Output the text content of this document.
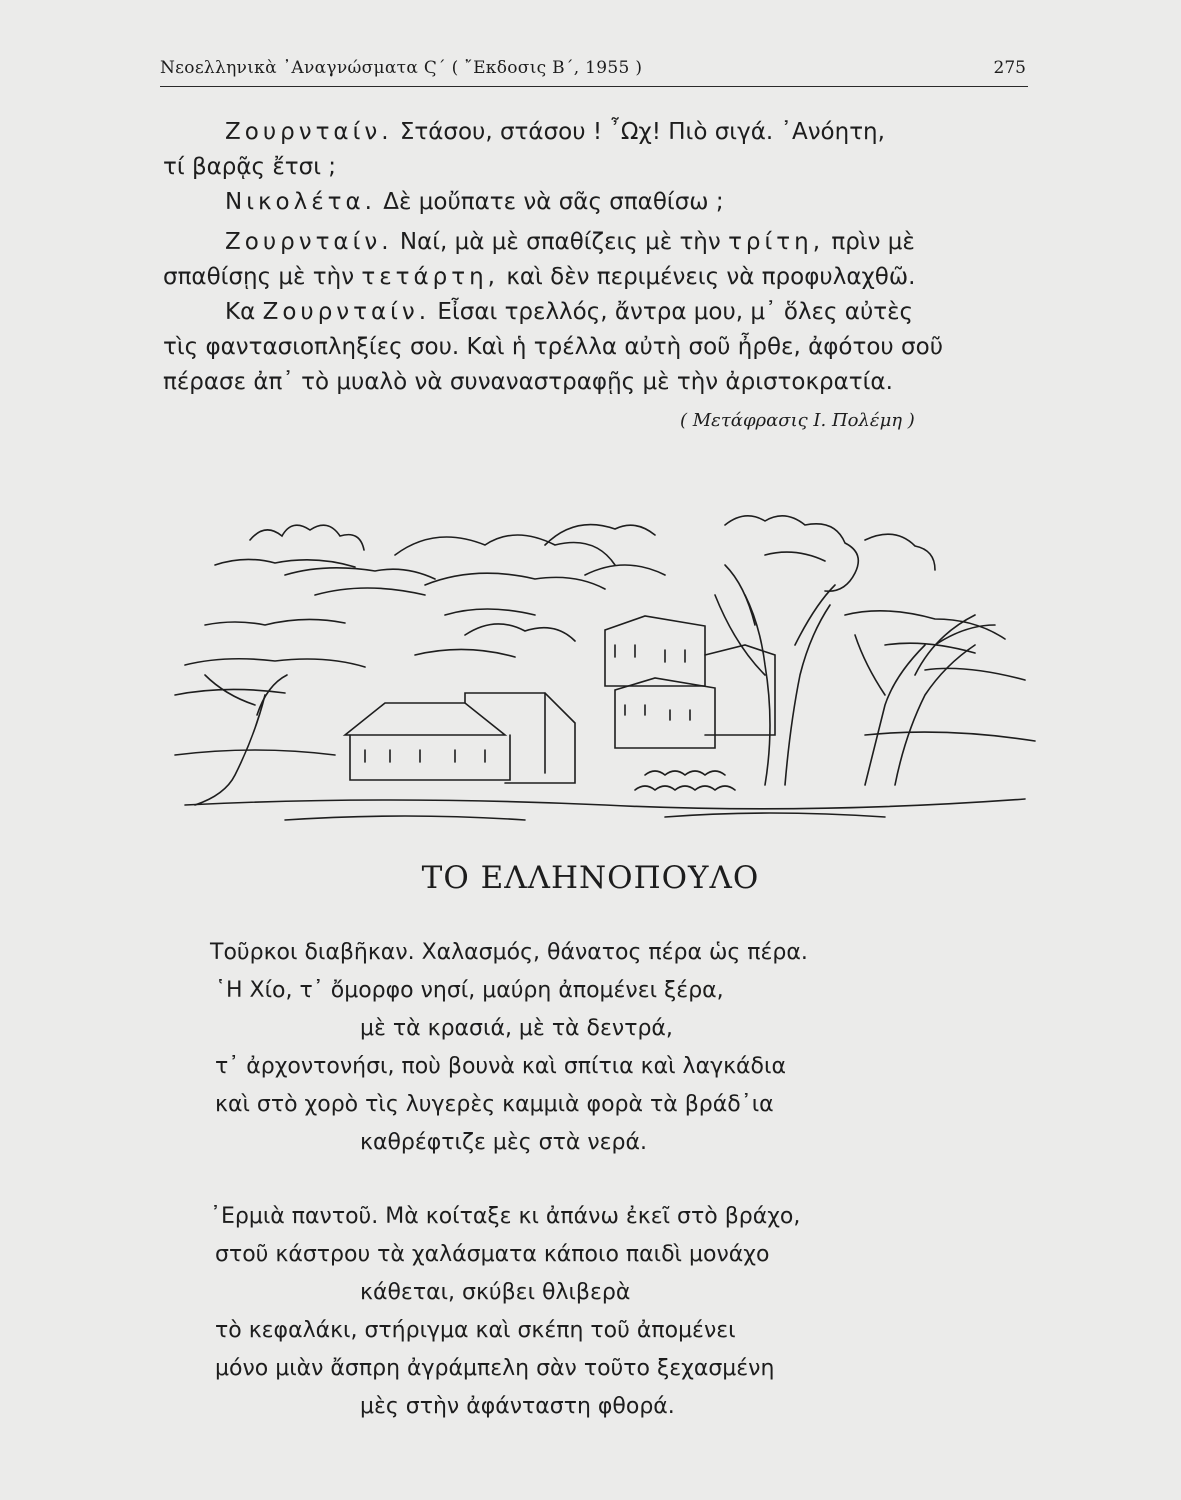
Νεοελληνικὰ ᾿Αναγνώσματα Ϛ΄ ( ῎Εκδοσις Β΄, 1955 )	275
Ζουρνταίν. Στάσου, στάσου ! ῏Ωχ! Πιὸ σιγά. ᾿Ανόητη,
τί βαρᾷς ἔτσι ;
Νικολέτα. Δὲ μοὔπατε νὰ σᾶς σπαθίσω ;
Ζουρνταίν. Ναί, μὰ μὲ σπαθίζεις μὲ τὴν τρίτη, πρὶν μὲ
σπαθίσῃς μὲ τὴν τετάρτη, καὶ δὲν περιμένεις νὰ προφυλαχθῶ.
Κα Ζουρνταίν. Εἶσαι τρελλός, ἄντρα μου, μ᾿ ὅλες αὐτὲς
τὶς φαντασιοπληξίες σου. Καὶ ἡ τρέλλα αὐτὴ σοῦ ἦρθε, ἀφότου σοῦ
πέρασε ἀπ᾿ τὸ μυαλὸ νὰ συναναστραφῇς μὲ τὴν ἀριστοκρατία.
( Μετάφρασις Ι. Πολέμη )
ΤΟ ΕΛΛΗΝΟΠΟΥΛΟ
Τοῦρκοι διαβῆκαν. Χαλασμός, θάνατος πέρα ὡς πέρα.
῾Η Χίο, τ᾿ ὄμορφο νησί, μαύρη ἀπομένει ξέρα,
μὲ τὰ κρασιά, μὲ τὰ δεντρά,
τ᾿ ἀρχοντονήσι, ποὺ βουνὰ καὶ σπίτια καὶ λαγκάδια
καὶ στὸ χορὸ τὶς λυγερὲς καμμιὰ φορὰ τὰ βράδ᾿ια
καθρέφτιζε μὲς στὰ νερά.
᾿Ερμιὰ παντοῦ. Μὰ κοίταξε κι ἀπάνω ἐκεῖ στὸ βράχο,
στοῦ κάστρου τὰ χαλάσματα κάποιο παιδὶ μονάχο
κάθεται, σκύβει θλιβερὰ
τὸ κεφαλάκι, στήριγμα καὶ σκέπη τοῦ ἀπομένει
μόνο μιὰν ἄσπρη ἀγράμπελη σὰν τοῦτο ξεχασμένη
μὲς στὴν ἀφάνταστη φθορά.
